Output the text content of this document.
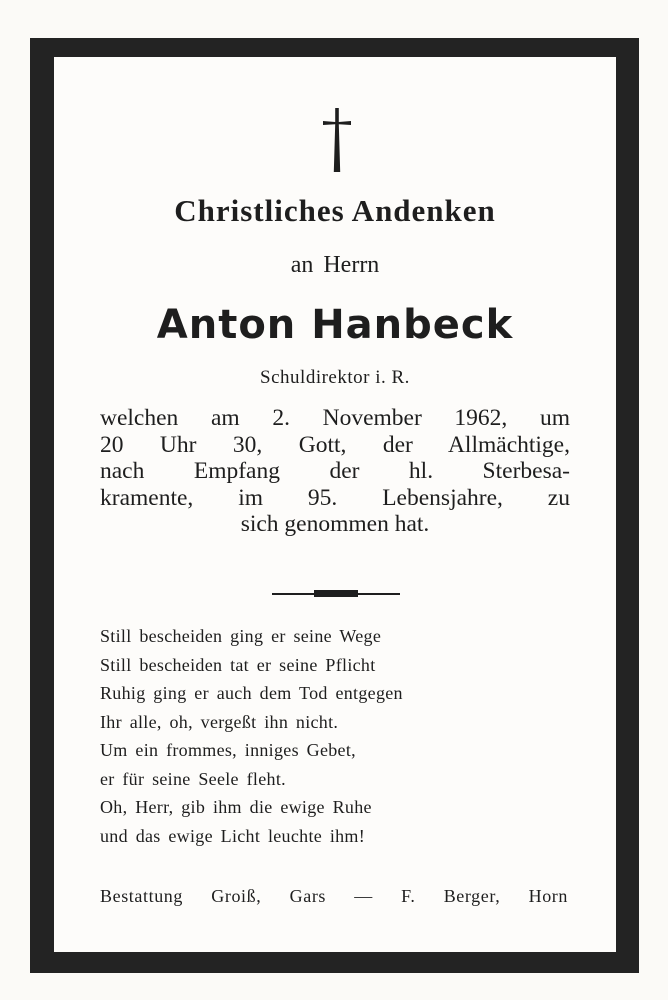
Christliches Andenken
an Herrn
Anton Hanbeck
Schuldirektor i. R.
welchen am 2. November 1962, um
20 Uhr 30, Gott, der Allmächtige,
nach Empfang der hl. Sterbesa-
kramente, im 95. Lebensjahre, zu
sich genommen hat.
Still bescheiden ging er seine Wege
Still bescheiden tat er seine Pflicht
Ruhig ging er auch dem Tod entgegen
Ihr alle, oh, vergeßt ihn nicht.
Um ein frommes, inniges Gebet,
er für seine Seele fleht.
Oh, Herr, gib ihm die ewige Ruhe
und das ewige Licht leuchte ihm!
Bestattung Groiß, Gars — F. Berger, Horn
